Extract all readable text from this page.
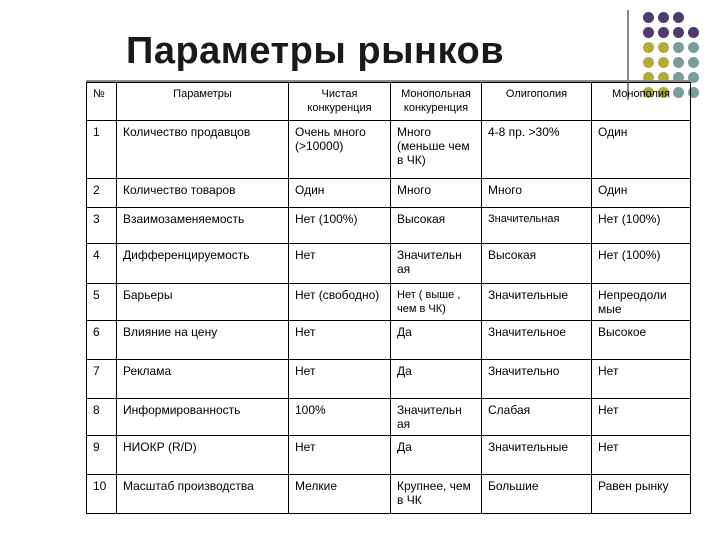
Параметры рынков
№	Параметры	Чистая конкуренция	Монопольная конкуренция	Олигополия	Монополия
1	Количество продавцов	Очень много (>10000)	Много (меньше чем в ЧК)	4-8 пр. >30%	Один
2	Количество товаров	Один	Много	Много	Один
3	Взаимозаменяемость	Нет (100%)	Высокая	Значительная	Нет (100%)
4	Дифференцируемость	Нет	Значительн ая	Высокая	Нет (100%)
5	Барьеры	Нет (свободно)	Нет ( выше , чем в ЧК)	Значительные	Непреодоли мые
6	Влияние на цену	Нет	Да	Значительное	Высокое
7	Реклама	Нет	Да	Значительно	Нет
8	Информированность	100%	Значительн ая	Слабая	Нет
9	НИОКР (R/D)	Нет	Да	Значительные	Нет
10	Масштаб производства	Мелкие	Крупнее, чем в ЧК	Большие	Равен рынку
